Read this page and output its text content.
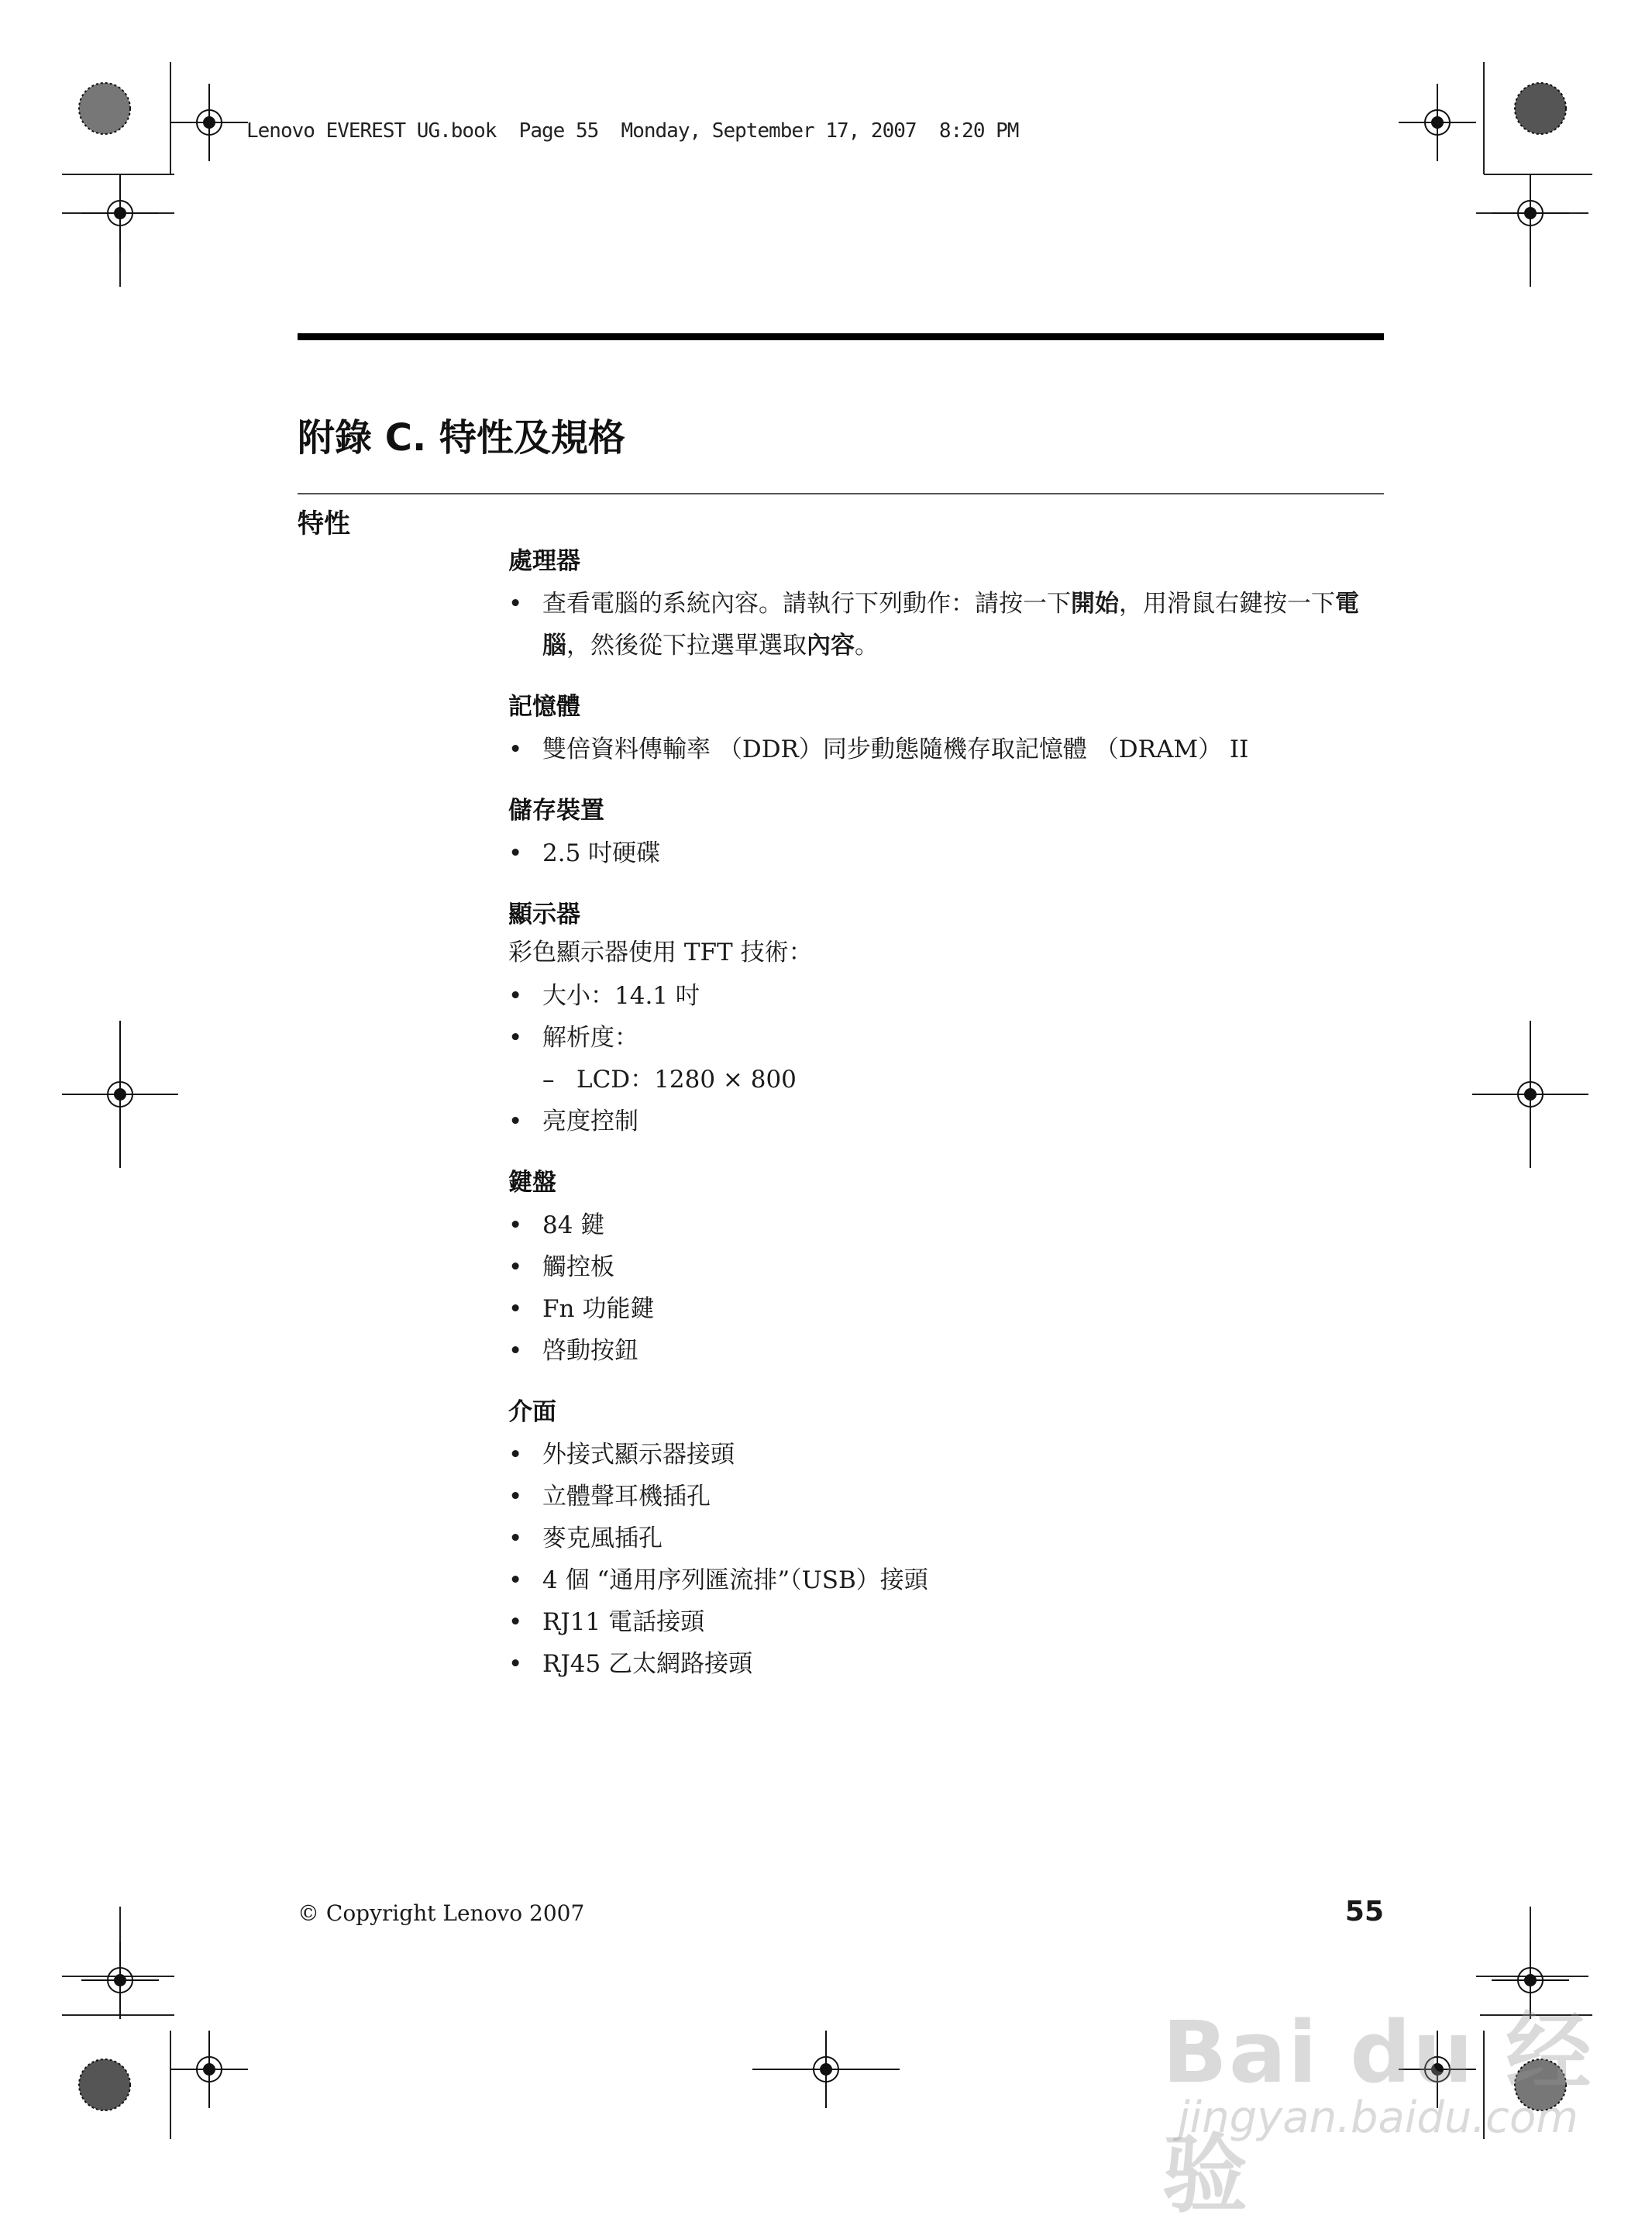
Lenovo EVEREST UG.book  Page 55  Monday, September 17, 2007  8:20 PM
附錄 C. 特性及規格
特性
處理器
• 查看電腦的系統內容。請執行下列動作：請按一下開始，用滑鼠右鍵按一下電腦，然後從下拉選單選取內容。
記憶體
• 雙倍資料傳輸率 （DDR）同步動態隨機存取記憶體 （DRAM） II
儲存裝置
• 2.5 吋硬碟
顯示器
彩色顯示器使用 TFT 技術：
• 大小：14.1 吋
• 解析度：
– LCD：1280 × 800
• 亮度控制
鍵盤
• 84 鍵
• 觸控板
• Fn 功能鍵
• 啓動按鈕
介面
• 外接式顯示器接頭
• 立體聲耳機插孔
• 麥克風插孔
• 4 個 “通用序列匯流排”（USB）接頭
• RJ11 電話接頭
• RJ45 乙太網路接頭
© Copyright Lenovo 2007	55
Bai du 经验
jingyan.baidu.com
